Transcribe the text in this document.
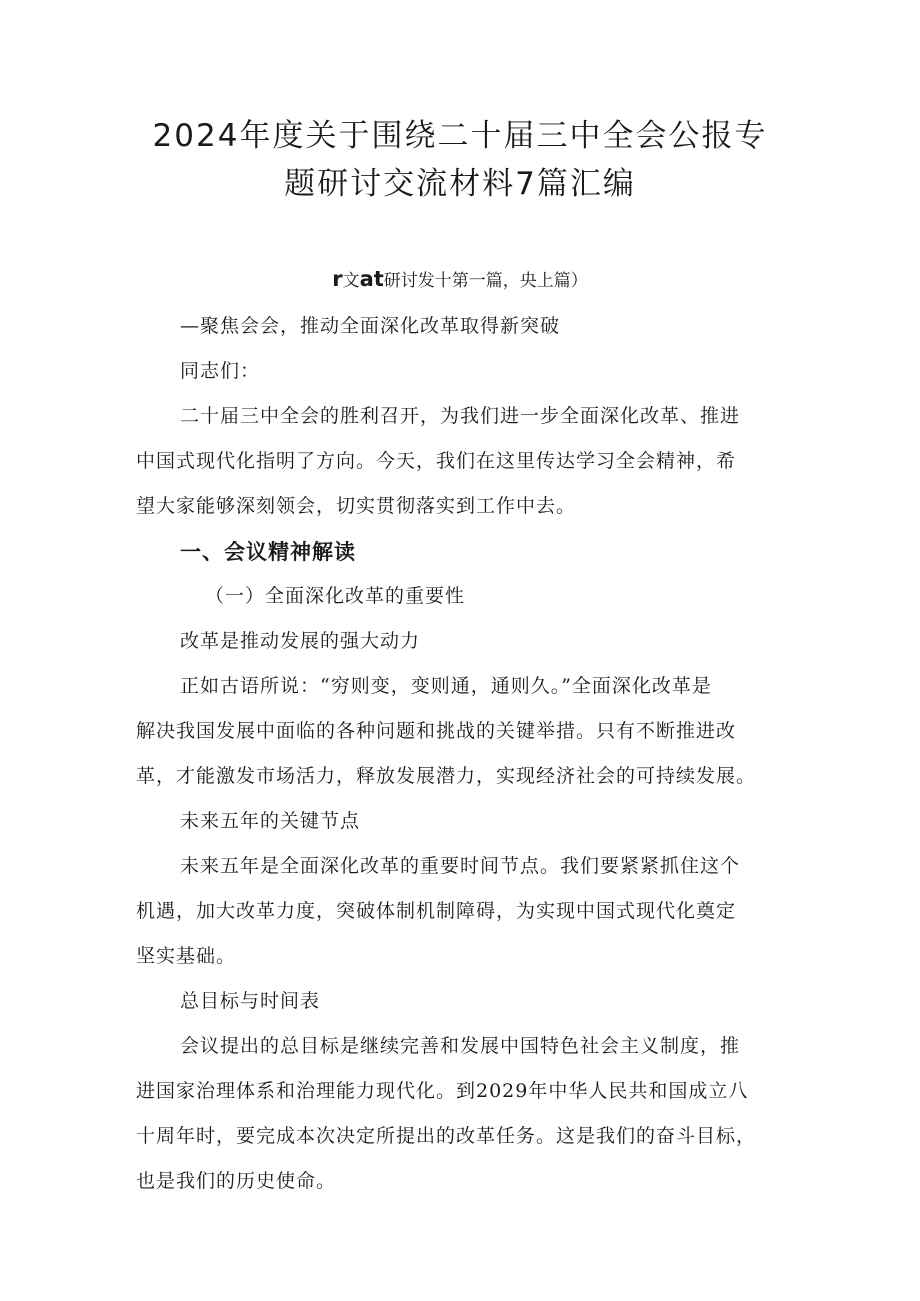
2024年度关于围绕二十届三中全会公报专
题研讨交流材料7篇汇编
r文at研讨发十第一篇，央上篇）

—聚焦会会，推动全面深化改革取得新突破

同志们：

二十届三中全会的胜利召开，为我们进一步全面深化改革、推进

中国式现代化指明了方向。今天，我们在这里传达学习全会精神，希

望大家能够深刻领会，切实贯彻落实到工作中去。

一、会议精神解读

（一）全面深化改革的重要性

改革是推动发展的强大动力

正如古语所说：“穷则变，变则通，通则久。”全面深化改革是

解决我国发展中面临的各种问题和挑战的关键举措。只有不断推进改

革，才能激发市场活力，释放发展潜力，实现经济社会的可持续发展。

未来五年的关键节点

未来五年是全面深化改革的重要时间节点。我们要紧紧抓住这个

机遇，加大改革力度，突破体制机制障碍，为实现中国式现代化奠定

坚实基础。

总目标与时间表

会议提出的总目标是继续完善和发展中国特色社会主义制度，推

进国家治理体系和治理能力现代化。到2029年中华人民共和国成立八

十周年时，要完成本次决定所提出的改革任务。这是我们的奋斗目标，

也是我们的历史使命。
